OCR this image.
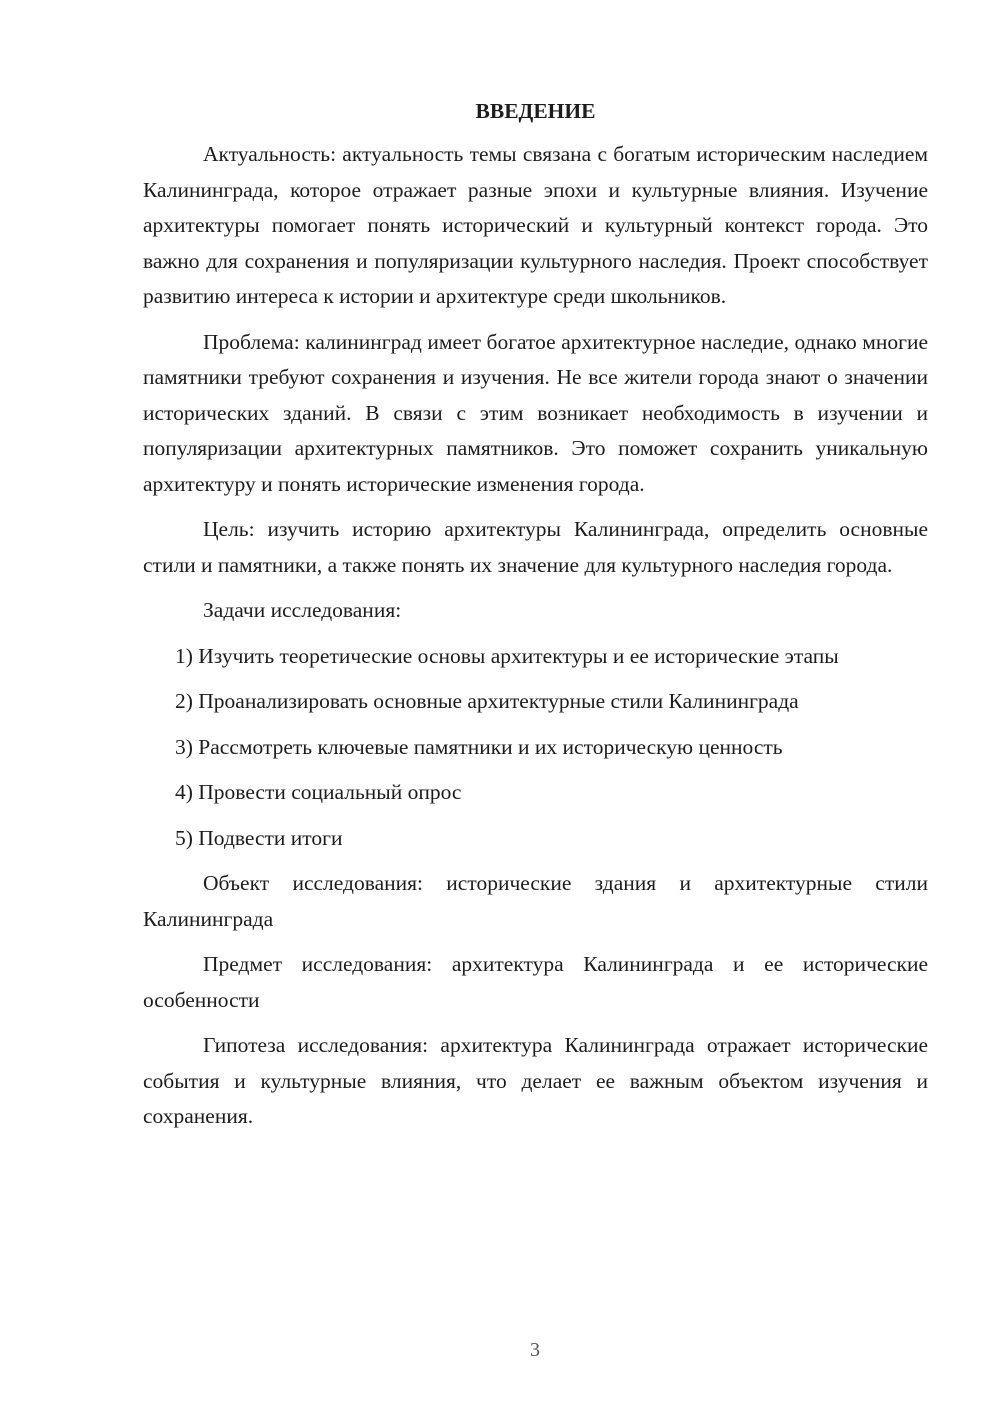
ВВЕДЕНИЕ

Актуальность: актуальность темы связана с богатым историческим наследием Калининграда, которое отражает разные эпохи и культурные влияния. Изучение архитектуры помогает понять исторический и культурный контекст города. Это важно для сохранения и популяризации культурного наследия. Проект способствует развитию интереса к истории и архитектуре среди школьников.

Проблема: калининград имеет богатое архитектурное наследие, однако многие памятники требуют сохранения и изучения. Не все жители города знают о значении исторических зданий. В связи с этим возникает необходимость в изучении и популяризации архитектурных памятников. Это поможет сохранить уникальную архитектуру и понять исторические изменения города.

Цель: изучить историю архитектуры Калининграда, определить основные стили и памятники, а также понять их значение для культурного наследия города.

Задачи исследования:

1) Изучить теоретические основы архитектуры и ее исторические этапы

2) Проанализировать основные архитектурные стили Калининграда

3) Рассмотреть ключевые памятники и их историческую ценность

4) Провести социальный опрос

5) Подвести итоги

Объект исследования: исторические здания и архитектурные стили Калининграда

Предмет исследования: архитектура Калининграда и ее исторические особенности

Гипотеза исследования: архитектура Калининграда отражает исторические события и культурные влияния, что делает ее важным объектом изучения и сохранения.

3
